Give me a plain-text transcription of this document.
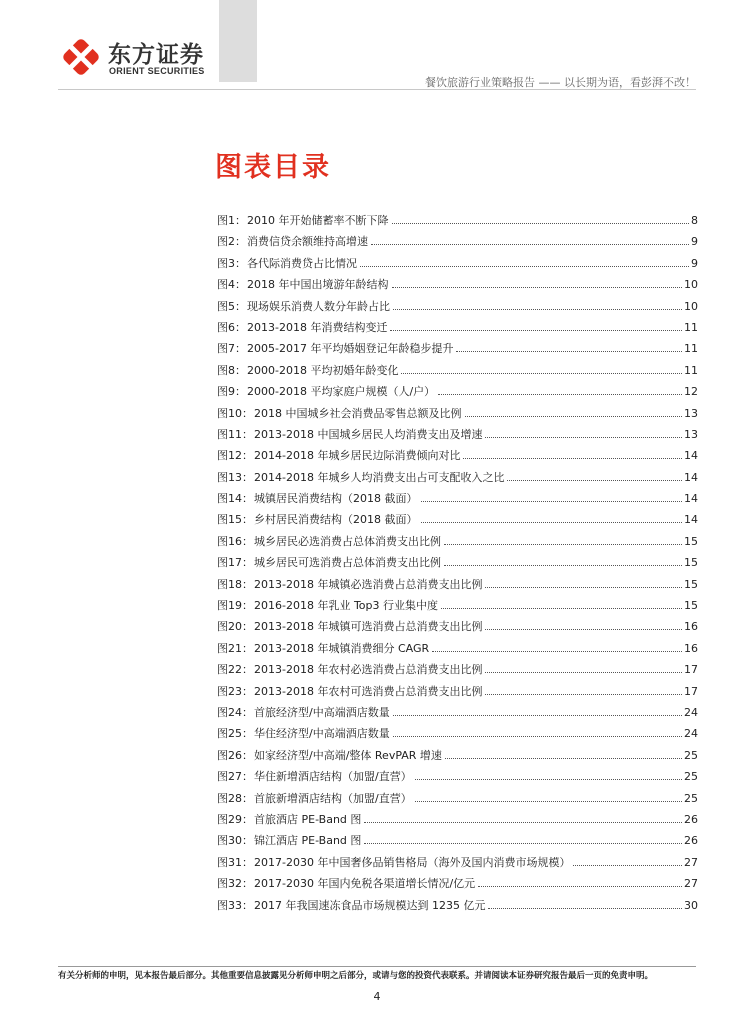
东方证券
ORIENT SECURITIES
餐饮旅游行业策略报告 —— 以长期为语，看彭湃不改！
图表目录
图1： 2010 年开始储蓄率不断下降	8
图2： 消费信贷余额维持高增速	9
图3： 各代际消费贷占比情况	9
图4： 2018 年中国出境游年龄结构	10
图5： 现场娱乐消费人数分年龄占比	10
图6： 2013-2018 年消费结构变迁	11
图7： 2005-2017 年平均婚姻登记年龄稳步提升	11
图8： 2000-2018 平均初婚年龄变化	11
图9： 2000-2018 平均家庭户规模（人/户）	12
图10： 2018 中国城乡社会消费品零售总额及比例	13
图11： 2013-2018 中国城乡居民人均消费支出及增速	13
图12： 2014-2018 年城乡居民边际消费倾向对比	14
图13： 2014-2018 年城乡人均消费支出占可支配收入之比	14
图14： 城镇居民消费结构（2018 截面）	14
图15： 乡村居民消费结构（2018 截面）	14
图16： 城乡居民必选消费占总体消费支出比例	15
图17： 城乡居民可选消费占总体消费支出比例	15
图18： 2013-2018 年城镇必选消费占总消费支出比例	15
图19： 2016-2018 年乳业 Top3 行业集中度	15
图20： 2013-2018 年城镇可选消费占总消费支出比例	16
图21： 2013-2018 年城镇消费细分 CAGR	16
图22： 2013-2018 年农村必选消费占总消费支出比例	17
图23： 2013-2018 年农村可选消费占总消费支出比例	17
图24： 首旅经济型/中高端酒店数量	24
图25： 华住经济型/中高端酒店数量	24
图26： 如家经济型/中高端/整体 RevPAR 增速	25
图27： 华住新增酒店结构（加盟/直营）	25
图28： 首旅新增酒店结构（加盟/直营）	25
图29： 首旅酒店 PE-Band 图	26
图30： 锦江酒店 PE-Band 图	26
图31： 2017-2030 年中国奢侈品销售格局（海外及国内消费市场规模）	27
图32： 2017-2030 年国内免税各渠道增长情况/亿元	27
图33： 2017 年我国速冻食品市场规模达到 1235 亿元	30
有关分析师的申明，见本报告最后部分。其他重要信息披露见分析师申明之后部分，或请与您的投资代表联系。并请阅读本证券研究报告最后一页的免责申明。
4
